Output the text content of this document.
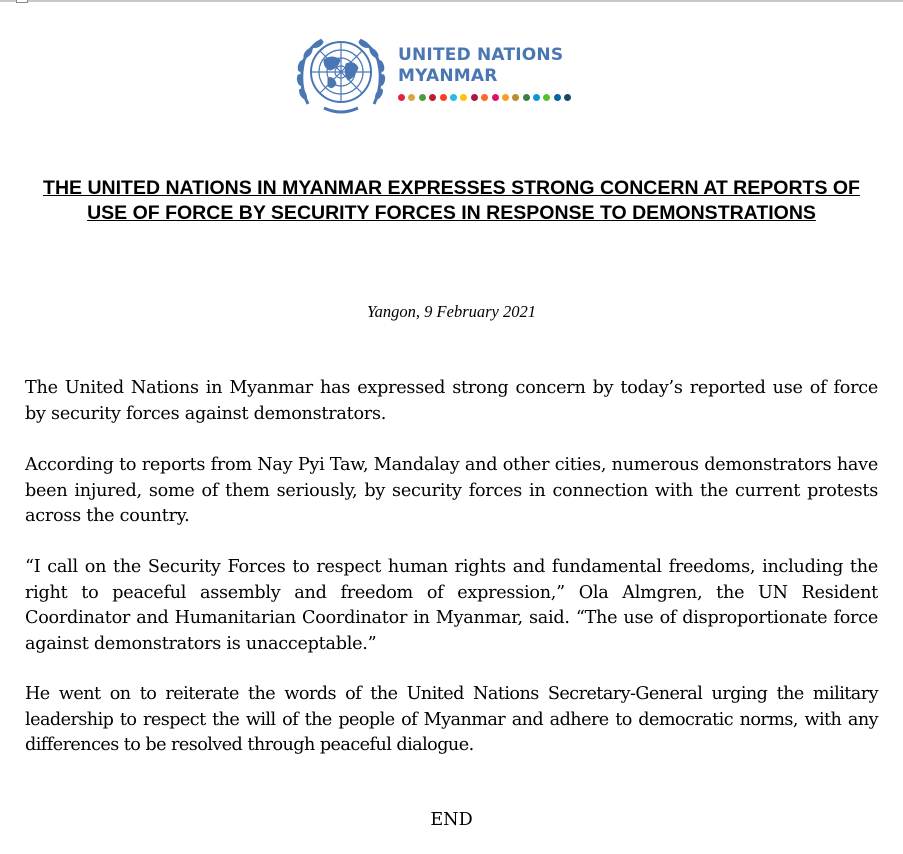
UNITED NATIONS
MYANMAR
THE UNITED NATIONS IN MYANMAR EXPRESSES STRONG CONCERN AT REPORTS OF USE OF FORCE BY SECURITY FORCES IN RESPONSE TO DEMONSTRATIONS
Yangon, 9 February 2021

The United Nations in Myanmar has expressed strong concern by today’s reported use of force by security forces against demonstrators.

According to reports from Nay Pyi Taw, Mandalay and other cities, numerous demonstrators have been injured, some of them seriously, by security forces in connection with the current protests across the country.

“I call on the Security Forces to respect human rights and fundamental freedoms, including the right to peaceful assembly and freedom of expression,” Ola Almgren, the UN Resident Coordinator and Humanitarian Coordinator in Myanmar, said. “The use of disproportionate force against demonstrators is unacceptable.”

He went on to reiterate the words of the United Nations Secretary-General urging the military leadership to respect the will of the people of Myanmar and adhere to democratic norms, with any differences to be resolved through peaceful dialogue.

END
